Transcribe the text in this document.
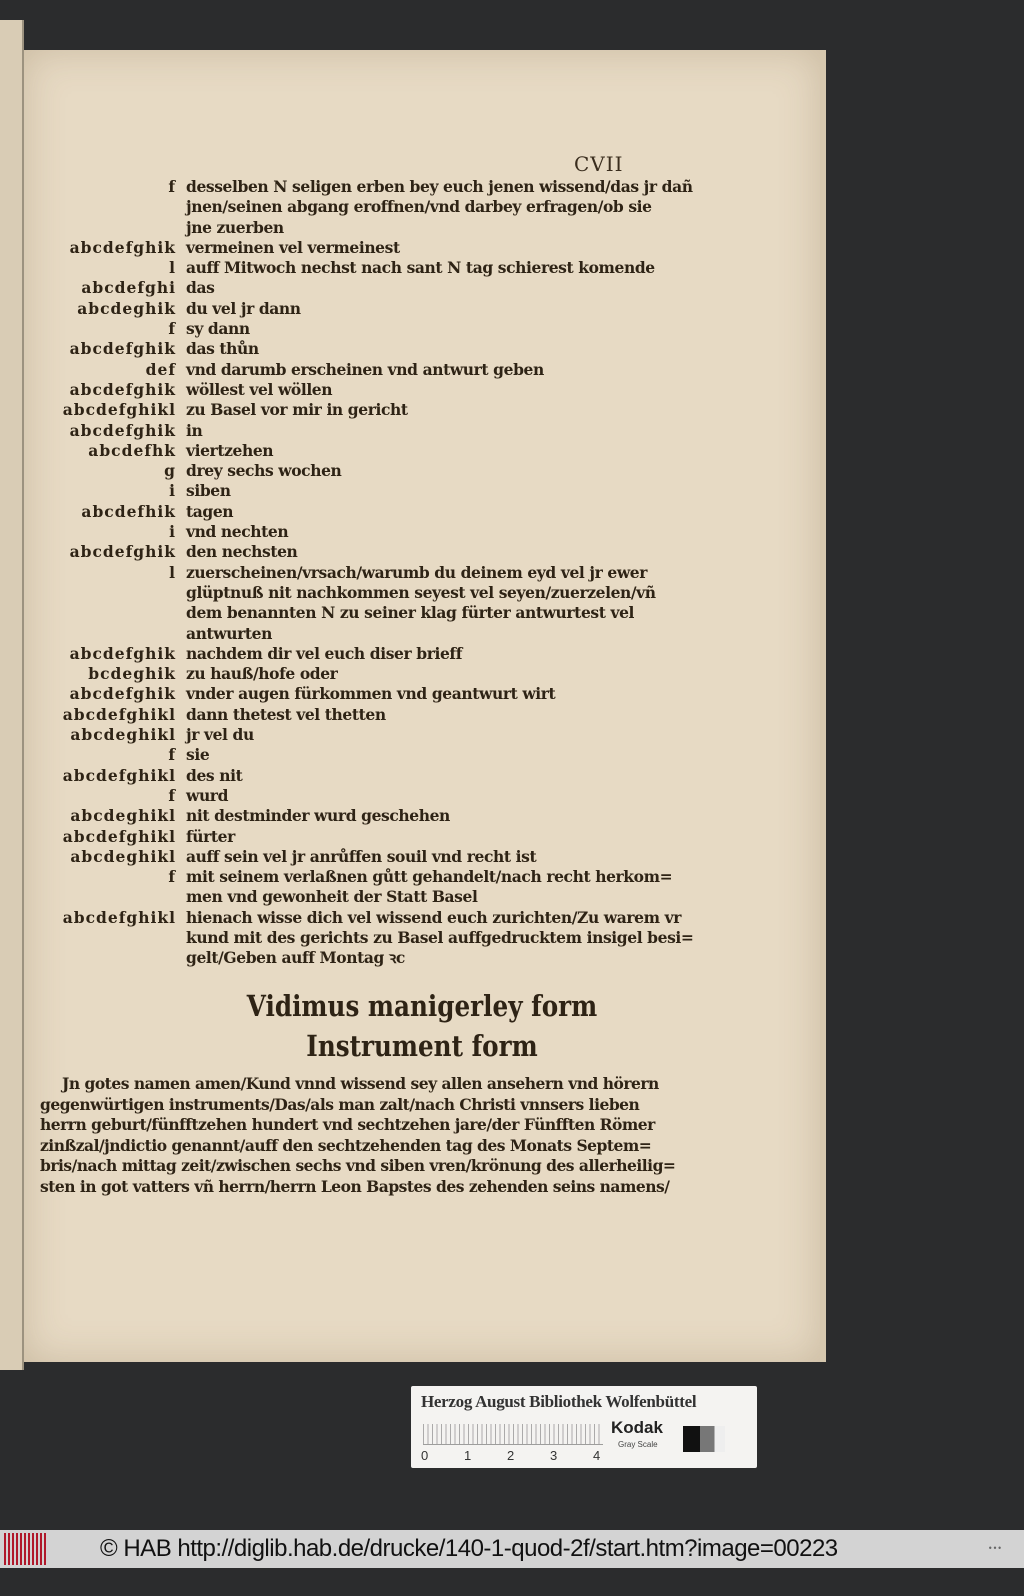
CVII
f desselben N seligen erben bey euch jenen wissend/das jr dañ
jnen/seinen abgang eroffnen/vnd darbey erfragen/ob sie
jne zuerben
abcdefghik vermeinen vel vermeinest
l auff Mitwoch nechst nach sant N tag schierest komende
abcdefghi das
abcdeghik du vel jr dann
f sy dann
abcdefghik das thůn
def vnd darumb erscheinen vnd antwurt geben
abcdefghik wöllest vel wöllen
abcdefghikl zu Basel vor mir in gericht
abcdefghik in
abcdefhk viertzehen
g drey sechs wochen
i siben
abcdefhik tagen
i vnd nechten
abcdefghik den nechsten
l zuerscheinen/vrsach/warumb du deinem eyd vel jr ewer
glüptnuß nit nachkommen seyest vel seyen/zuerzelen/vñ
dem benannten N zu seiner klag fürter antwurtest vel
antwurten
abcdefghik nachdem dir vel euch diser brieff
bcdeghik zu hauß/hofe oder
abcdefghik vnder augen fürkommen vnd geantwurt wirt
abcdefghikl dann thetest vel thetten
abcdeghikl jr vel du
f sie
abcdefghikl des nit
f wurd
abcdeghikl nit destminder wurd geschehen
abcdefghikl fürter
abcdeghikl auff sein vel jr anrůffen souil vnd recht ist
f mit seinem verlaßnen gůtt gehandelt/nach recht herkom=
men vnd gewonheit der Statt Basel
abcdefghikl hienach wisse dich vel wissend euch zurichten/Zu warem vr
kund mit des gerichts zu Basel auffgedrucktem insigel besi=
gelt/Geben auff Montag ꝛc
Vidimus manigerley form
Instrument form
Jn gotes namen amen/Kund vnnd wissend sey allen ansehern vnd hörern
gegenwürtigen instruments/Das/als man zalt/nach Christi vnnsers lieben
herrn geburt/fünfftzehen hundert vnd sechtzehen jare/der Fünfften Römer
zinßzal/jndictio genannt/auff den sechtzehenden tag des Monats Septem=
bris/nach mittag zeit/zwischen sechs vnd siben vren/krönung des allerheilig=
sten in got vatters vñ herrn/herrn Leon Bapstes des zehenden seins namens/
Herzog August Bibliothek Wolfenbüttel
0	1	2	3	4
Kodak
Gray Scale
© HAB http://diglib.hab.de/drucke/140-1-quod-2f/start.htm?image=00223	•••
